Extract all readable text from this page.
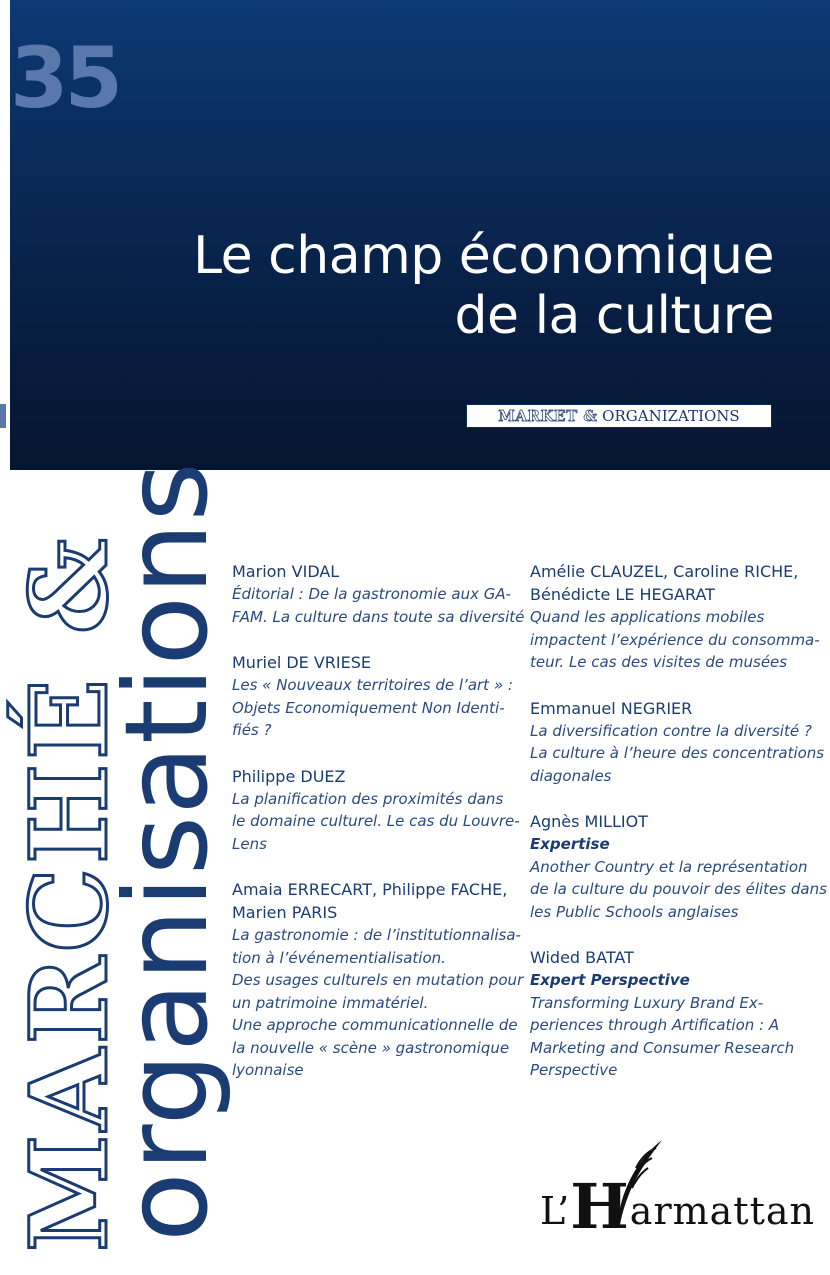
35
Le champ économique
de la culture
MARKET & ORGANIZATIONS
MARCHÉ &
organisations Marion VIDAL
Éditorial : De la gastronomie aux GA-
FAM. La culture dans toute sa diversité
Muriel DE VRIESE
Les « Nouveaux territoires de l’art » :
Objets Economiquement Non Identi-
fiés ?
Philippe DUEZ
La planification des proximités dans
le domaine culturel. Le cas du Louvre-
Lens
Amaia ERRECART, Philippe FACHE,
Marien PARIS
La gastronomie : de l’institutionnalisa-
tion à l’événementialisation.
Des usages culturels en mutation pour
un patrimoine immatériel.
Une approche communicationnelle de
la nouvelle « scène » gastronomique
lyonnaise
Amélie CLAUZEL, Caroline RICHE,
Bénédicte LE HEGARAT
Quand les applications mobiles
impactent l’expérience du consomma-
teur. Le cas des visites de musées
Emmanuel NEGRIER
La diversification contre la diversité ?
La culture à l’heure des concentrations
diagonales
Agnès MILLIOT
Expertise
Another Country et la représentation
de la culture du pouvoir des élites dans
les Public Schools anglaises
Wided BATAT
Expert Perspective
Transforming Luxury Brand Ex-
periences through Artification : A
Marketing and Consumer Research
Perspective
L’Harmattan
